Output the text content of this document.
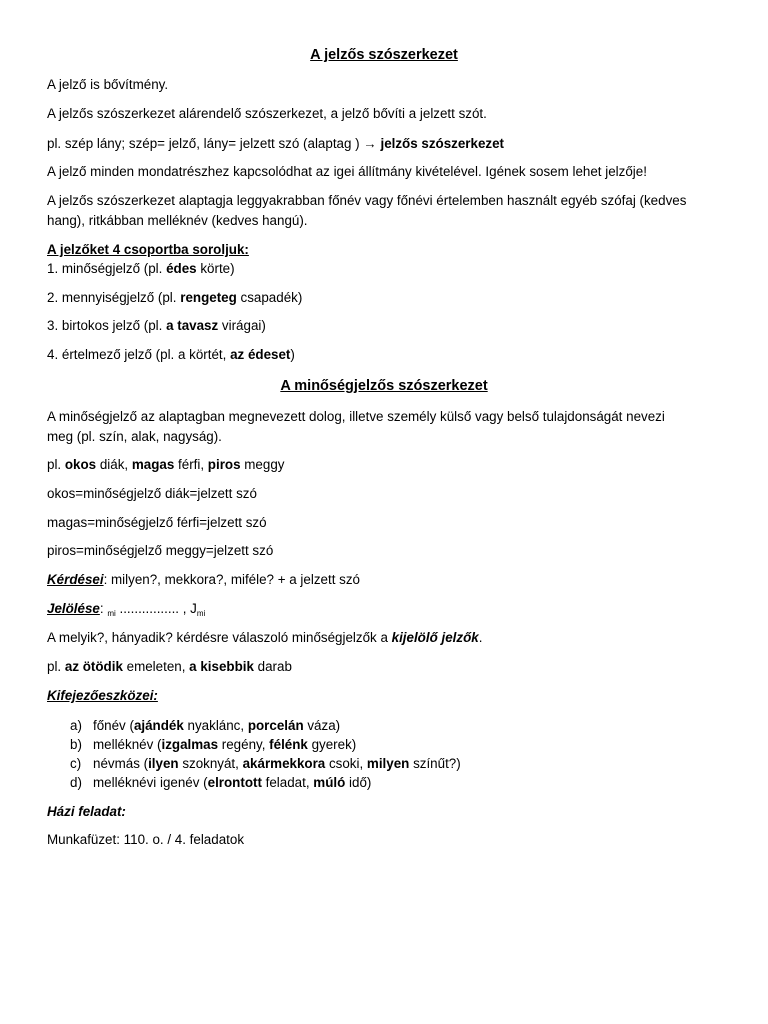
A jelzős szószerkezet
A jelző is bővítmény.
A jelzős szószerkezet alárendelő szószerkezet, a jelző bővíti a jelzett szót.
pl. szép lány; szép= jelző, lány= jelzett szó (alaptag ) → jelzős szószerkezet
A jelző minden mondatrészhez kapcsolódhat az igei állítmány kivételével. Igének sosem lehet jelzője!
A jelzős szószerkezet alaptagja leggyakrabban főnév vagy főnévi értelemben használt egyéb szófaj (kedves
hang), ritkábban melléknév (kedves hangú).
A jelzőket 4 csoportba soroljuk:
1. minőségjelző (pl. édes körte)
2. mennyiségjelző (pl. rengeteg csapadék)
3. birtokos jelző (pl. a tavasz virágai)
4. értelmező jelző (pl. a körtét, az édeset)
A minőségjelzős szószerkezet
A minőségjelző az alaptagban megnevezett dolog, illetve személy külső vagy belső tulajdonságát nevezi
meg (pl. szín, alak, nagyság).
pl. okos diák, magas férfi, piros meggy
okos=minőségjelző diák=jelzett szó
magas=minőségjelző férfi=jelzett szó
piros=minőségjelző meggy=jelzett szó
Kérdései: milyen?, mekkora?, miféle? + a jelzett szó
Jelölése: $_{mi}$ ................ , $J_{mi}$
A melyik?, hányadik? kérdésre válaszoló minőségjelzők a kijelölő jelzők.
pl. az ötödik emeleten, a kisebbik darab
Kifejezőeszközei:
a) főnév (ajándék nyaklánc, porcelán váza)
b) melléknév (izgalmas regény, félénk gyerek)
c) névmás (ilyen szoknyát, akármekkora csoki, milyen színűt?)
d) melléknévi igenév (elrontott feladat, múló idő)
Házi feladat:
Munkafüzet: 110. o. / 4. feladatok
